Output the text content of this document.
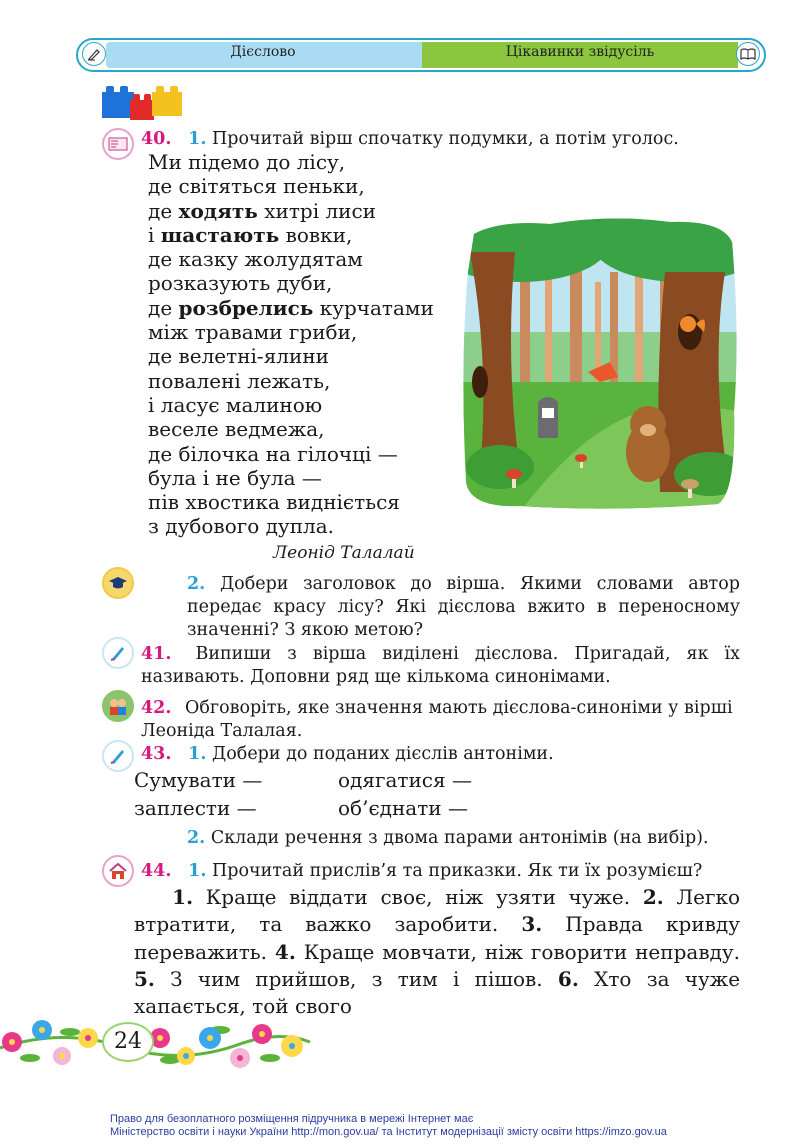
Дієслово	Цікавинки звідусіль
40. 1. Прочитай вірш спочатку подумки, а потім уголос.
Ми підемо до лісу,
де світяться пеньки,
де ходять хитрі лиси
і шастають вовки,
де казку жолудятам
розказують дуби,
де розбрелись курчатами
між травами гриби,
де велетні-ялини
повалені лежать,
і ласує малиною
веселе ведмежа,
де білочка на гілочці —
була і не була —
пів хвостика видніється
з дубового дупла.
Леонід Талалай
2. Добери заголовок до вірша. Якими словами автор передає красу лісу? Які дієслова вжито в переносному значенні? З якою метою?
41. Випиши з вірша виділені дієслова. Пригадай, як їх називають. Доповни ряд ще кількома синонімами.
42. Обговоріть, яке значення мають дієслова-синоніми у вірші Леоніда Талалая.
43. 1. Добери до поданих дієслів антоніми.
Сумувати —	одягатися —
заплести —	об’єднати —
2. Склади речення з двома парами антонімів (на вибір).
44. 1. Прочитай прислів’я та приказки. Як ти їх розумієш?
1. Краще віддати своє, ніж узяти чуже. 2. Легко втратити, та важко заробити. 3. Правда кривду переважить. 4. Краще мовчати, ніж говорити неправду. 5. З чим прийшов, з тим і пішов. 6. Хто за чуже хапається, той свого
24
Право для безоплатного розміщення підручника в мережі Інтернет має
Міністерство освіти і науки України http://mon.gov.ua/ та Інститут модернізації змісту освіти https://imzo.gov.ua
